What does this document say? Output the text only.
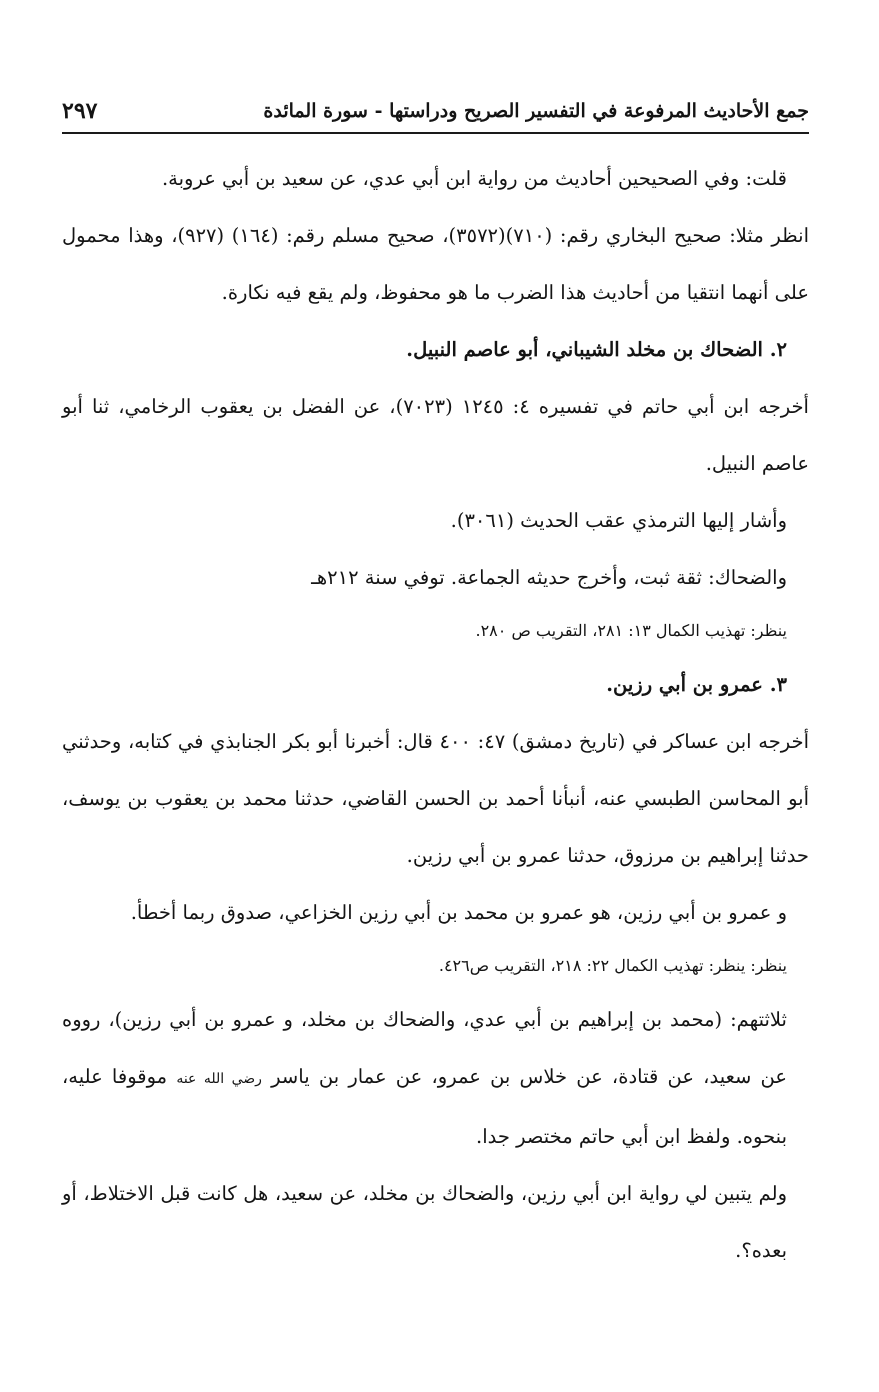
جمع الأحاديث المرفوعة في التفسير الصريح ودراستها - سورة المائدة
٢٩٧

قلت: وفي الصحيحين أحاديث من رواية ابن أبي عدي، عن سعيد بن أبي عروبة.

انظر مثلا: صحيح البخاري رقم: (٧١٠)(٣٥٧٢)، صحيح مسلم رقم: (١٦٤) (٩٢٧)، وهذا محمول على أنهما انتقيا من أحاديث هذا الضرب ما هو محفوظ، ولم يقع فيه نكارة.

٢. الضحاك بن مخلد الشيباني، أبو عاصم النبيل.

أخرجه ابن أبي حاتم في تفسيره ٤: ١٢٤٥ (٧٠٢٣)، عن الفضل بن يعقوب الرخامي، ثنا أبو عاصم النبيل.

وأشار إليها الترمذي عقب الحديث (٣٠٦١).

والضحاك: ثقة ثبت، وأخرج حديثه الجماعة. توفي سنة ٢١٢هـ

ينظر: تهذيب الكمال ١٣: ٢٨١، التقريب ص ٢٨٠.

٣. عمرو بن أبي رزين.

أخرجه ابن عساكر في (تاريخ دمشق) ٤٧: ٤٠٠ قال: أخبرنا أبو بكر الجنابذي في كتابه، وحدثني أبو المحاسن الطبسي عنه، أنبأنا أحمد بن الحسن القاضي، حدثنا محمد بن يعقوب بن يوسف، حدثنا إبراهيم بن مرزوق، حدثنا عمرو بن أبي رزين.

و عمرو بن أبي رزين، هو عمرو بن محمد بن أبي رزين الخزاعي، صدوق ربما أخطأ.

ينظر: ينظر: تهذيب الكمال ٢٢: ٢١٨، التقريب ص٤٢٦.

ثلاثتهم: (محمد بن إبراهيم بن أبي عدي، والضحاك بن مخلد، و عمرو بن أبي رزين)، رووه عن سعيد، عن قتادة، عن خلاس بن عمرو، عن عمار بن ياسر رضي الله عنه موقوفا عليه، بنحوه. ولفظ ابن أبي حاتم مختصر جدا.

ولم يتبين لي رواية ابن أبي رزين، والضحاك بن مخلد، عن سعيد، هل كانت قبل الاختلاط، أو بعده؟.
